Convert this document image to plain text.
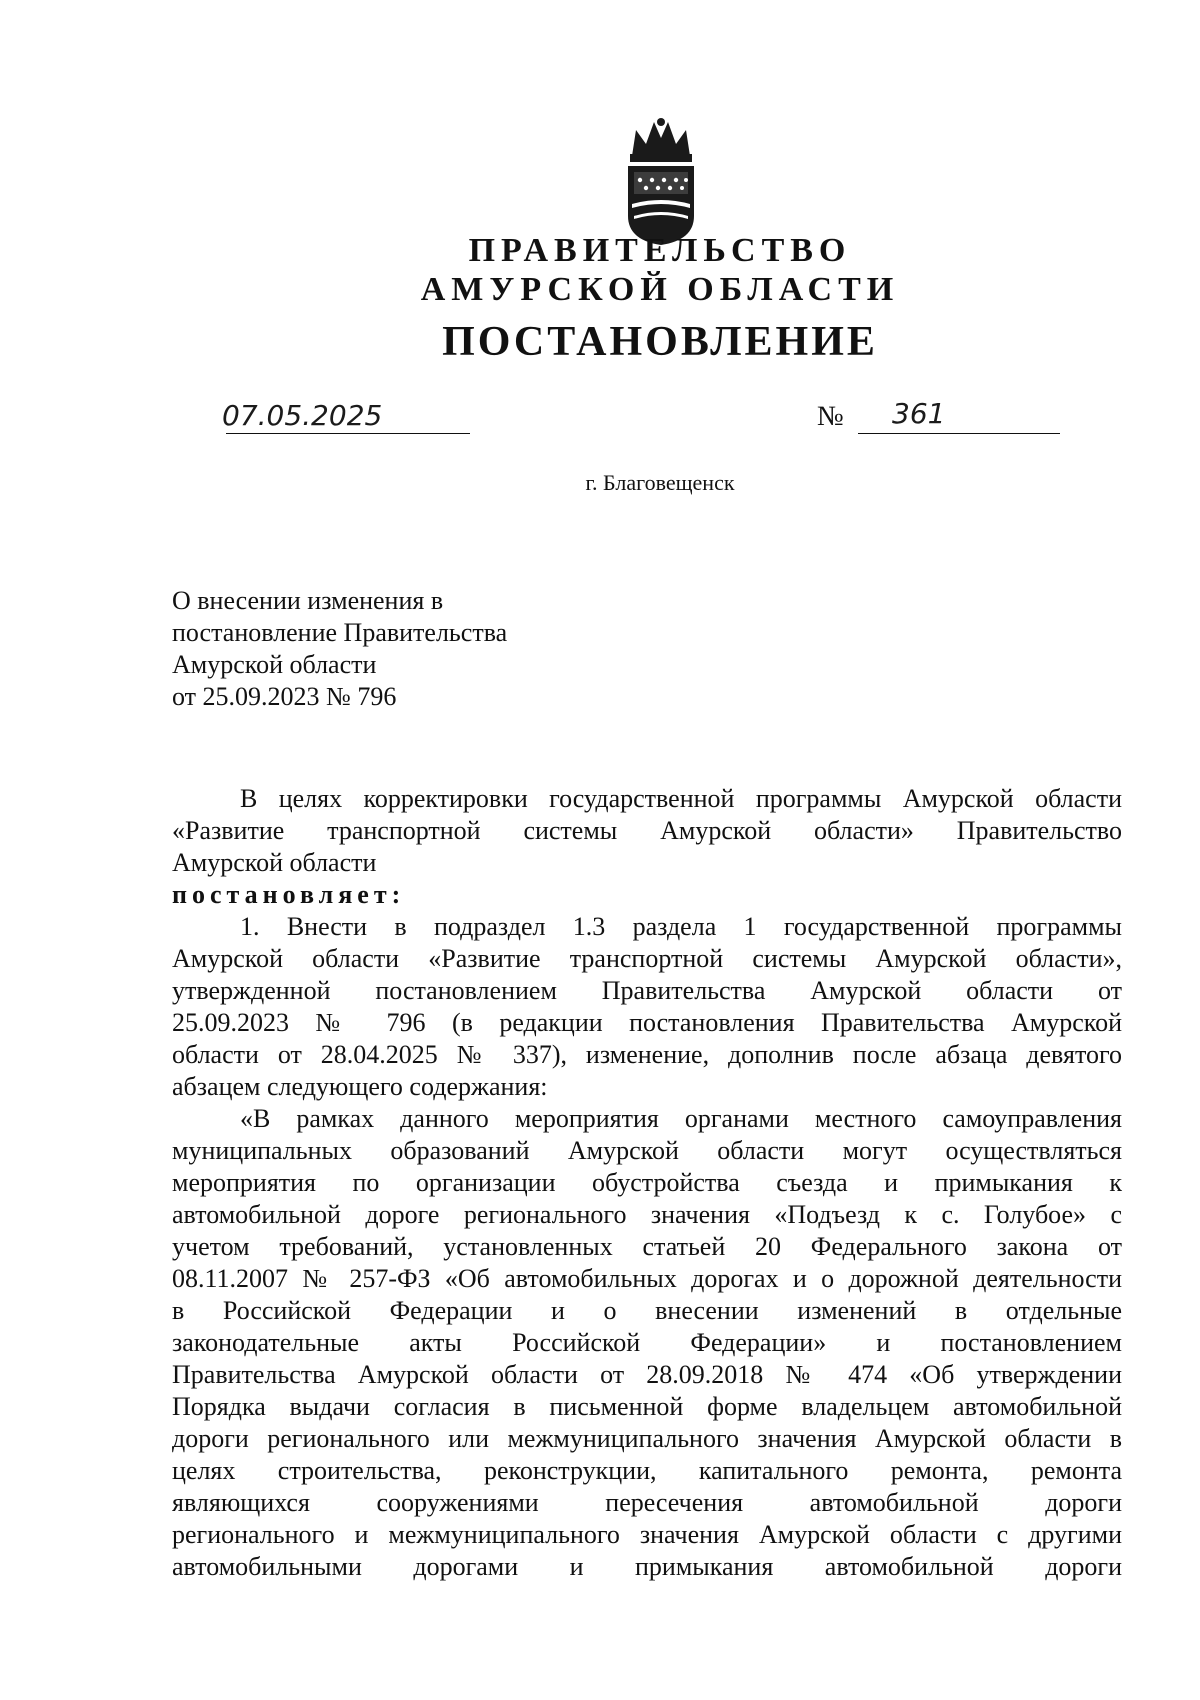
ПРАВИТЕЛЬСТВО
АМУРСКОЙ ОБЛАСТИ
ПОСТАНОВЛЕНИЕ
07.05.2025	№ 361
г. Благовещенск
О внесении изменения в
постановление Правительства
Амурской области
от 25.09.2023 № 796

В целях корректировки государственной программы Амурской области

«Развитие транспортной системы Амурской области» Правительство

Амурской области

постановляет:

1. Внести в подраздел 1.3 раздела 1 государственной программы

Амурской области «Развитие транспортной системы Амурской области»,

утвержденной постановлением Правительства Амурской области от

25.09.2023 № 796 (в редакции постановления Правительства Амурской

области от 28.04.2025 № 337), изменение, дополнив после абзаца девятого

абзацем следующего содержания:

«В рамках данного мероприятия органами местного самоуправления

муниципальных образований Амурской области могут осуществляться

мероприятия по организации обустройства съезда и примыкания к

автомобильной дороге регионального значения «Подъезд к с. Голубое» с

учетом требований, установленных статьей 20 Федерального закона от

08.11.2007 № 257-ФЗ «Об автомобильных дорогах и о дорожной деятельности

в Российской Федерации и о внесении изменений в отдельные

законодательные акты Российской Федерации» и постановлением

Правительства Амурской области от 28.09.2018 № 474 «Об утверждении

Порядка выдачи согласия в письменной форме владельцем автомобильной

дороги регионального или межмуниципального значения Амурской области в

целях строительства, реконструкции, капитального ремонта, ремонта

являющихся сооружениями пересечения автомобильной дороги

регионального и межмуниципального значения Амурской области с другими

автомобильными дорогами и примыкания автомобильной дороги
